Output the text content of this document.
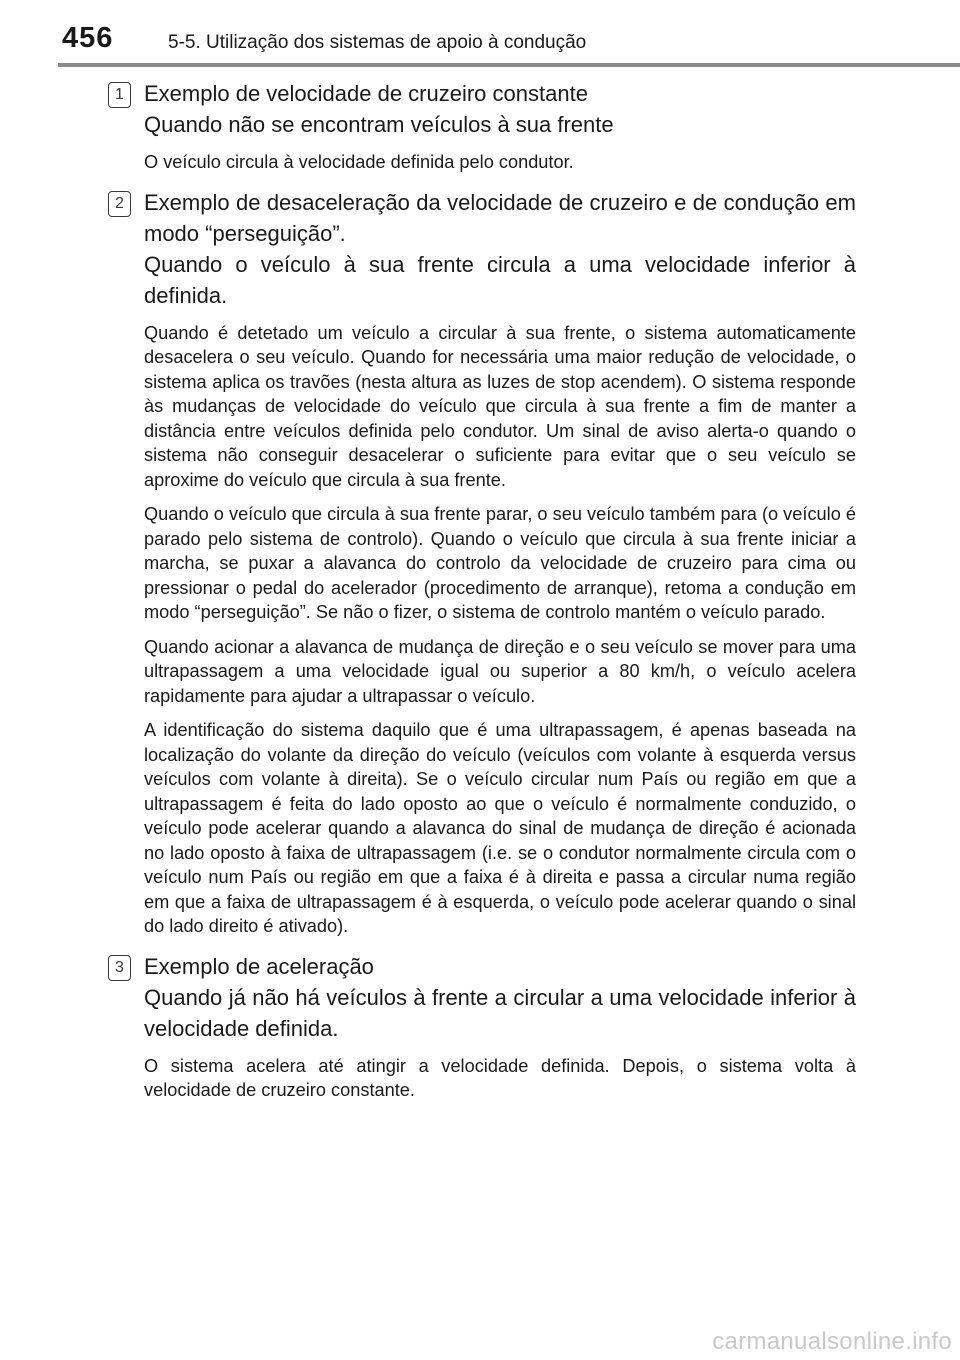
456	5-5. Utilização dos sistemas de apoio à condução
1 Exemplo de velocidade de cruzeiro constante

Quando não se encontram veículos à sua frente

O veículo circula à velocidade definida pelo condutor.

2 Exemplo de desaceleração da velocidade de cruzeiro e de condução em modo “perseguição”.

Quando o veículo à sua frente circula a uma velocidade inferior à definida.

Quando é detetado um veículo a circular à sua frente, o sistema automaticamente desacelera o seu veículo. Quando for necessária uma maior redução de velocidade, o sistema aplica os travões (nesta altura as luzes de stop acendem). O sistema responde às mudanças de velocidade do veículo que circula à sua frente a fim de manter a distância entre veículos definida pelo condutor. Um sinal de aviso alerta-o quando o sistema não conseguir desacelerar o suficiente para evitar que o seu veículo se aproxime do veículo que circula à sua frente.

Quando o veículo que circula à sua frente parar, o seu veículo também para (o veículo é parado pelo sistema de controlo). Quando o veículo que circula à sua frente iniciar a marcha, se puxar a alavanca do controlo da velocidade de cruzeiro para cima ou pressionar o pedal do acelerador (procedimento de arranque), retoma a condução em modo “perseguição”. Se não o fizer, o sistema de controlo mantém o veículo parado.

Quando acionar a alavanca de mudança de direção e o seu veículo se mover para uma ultrapassagem a uma velocidade igual ou superior a 80 km/h, o veículo acelera rapidamente para ajudar a ultrapassar o veículo.

A identificação do sistema daquilo que é uma ultrapassagem, é apenas baseada na localização do volante da direção do veículo (veículos com volante à esquerda versus veículos com volante à direita). Se o veículo circular num País ou região em que a ultrapassagem é feita do lado oposto ao que o veículo é normalmente conduzido, o veículo pode acelerar quando a alavanca do sinal de mudança de direção é acionada no lado oposto à faixa de ultrapassagem (i.e. se o condutor normalmente circula com o veículo num País ou região em que a faixa é à direita e passa a circular numa região em que a faixa de ultrapassagem é à esquerda, o veículo pode acelerar quando o sinal do lado direito é ativado).

3 Exemplo de aceleração

Quando já não há veículos à frente a circular a uma velocidade inferior à velocidade definida.

O sistema acelera até atingir a velocidade definida. Depois, o sistema volta à velocidade de cruzeiro constante.

carmanualsonline.info
